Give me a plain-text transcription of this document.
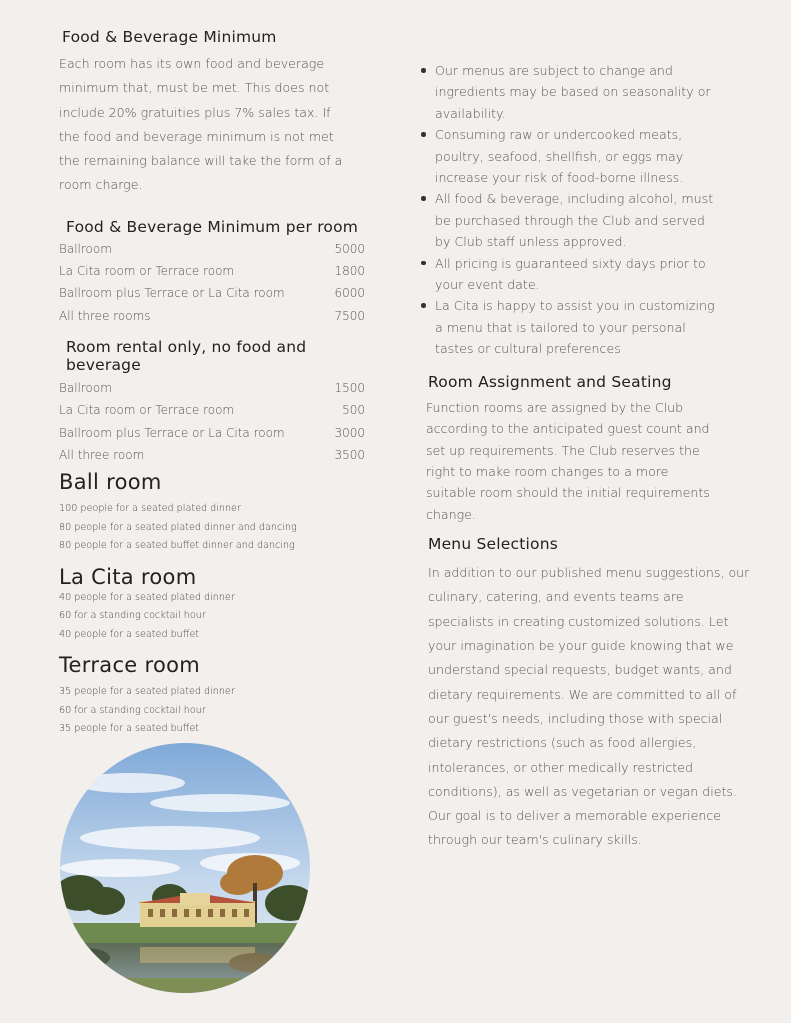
Food & Beverage Minimum

Each room has its own food and beverage minimum that, must be met. This does not include 20% gratuities plus 7% sales tax. If the food and beverage minimum is not met the remaining balance will take the form of a room charge.

Food & Beverage Minimum per room
Ballroom	5000
La Cita room or Terrace room	1800
Ballroom plus Terrace or La Cita room	6000
All three rooms	7500
Room rental only, no food and beverage
Ballroom	1500
La Cita room or Terrace room	500
Ballroom plus Terrace or La Cita room	3000
All three room	3500
Ball room

100 people for a seated plated dinner

80 people for a seated plated dinner and dancing

80 people for a seated buffet dinner and dancing

La Cita room

40 people for a seated plated dinner

60 for a standing cocktail hour

40 people for a seated buffet

Terrace room

35 people for a seated plated dinner

60 for a standing cocktail hour

35 people for a seated buffet

Our menus are subject to change and ingredients may be based on seasonality or availability.
Consuming raw or undercooked meats, poultry, seafood, shellfish, or eggs may increase your risk of food-borne illness.
All food & beverage, including alcohol, must be purchased through the Club and served by Club staff unless approved.
All pricing is guaranteed sixty days prior to your event date.
La Cita is happy to assist you in customizing a menu that is tailored to your personal tastes or cultural preferences
Room Assignment and Seating

Function rooms are assigned by the Club according to the anticipated guest count and set up requirements. The Club reserves the right to make room changes to a more suitable room should the initial requirements change.

Menu Selections

In addition to our published menu suggestions, our culinary, catering, and events teams are specialists in creating customized solutions. Let your imagination be your guide knowing that we understand special requests, budget wants, and dietary requirements. We are committed to all of our guest's needs, including those with special dietary restrictions (such as food allergies, intolerances, or other medically restricted conditions), as well as vegetarian or vegan diets. Our goal is to deliver a memorable experience through our team's culinary skills.
